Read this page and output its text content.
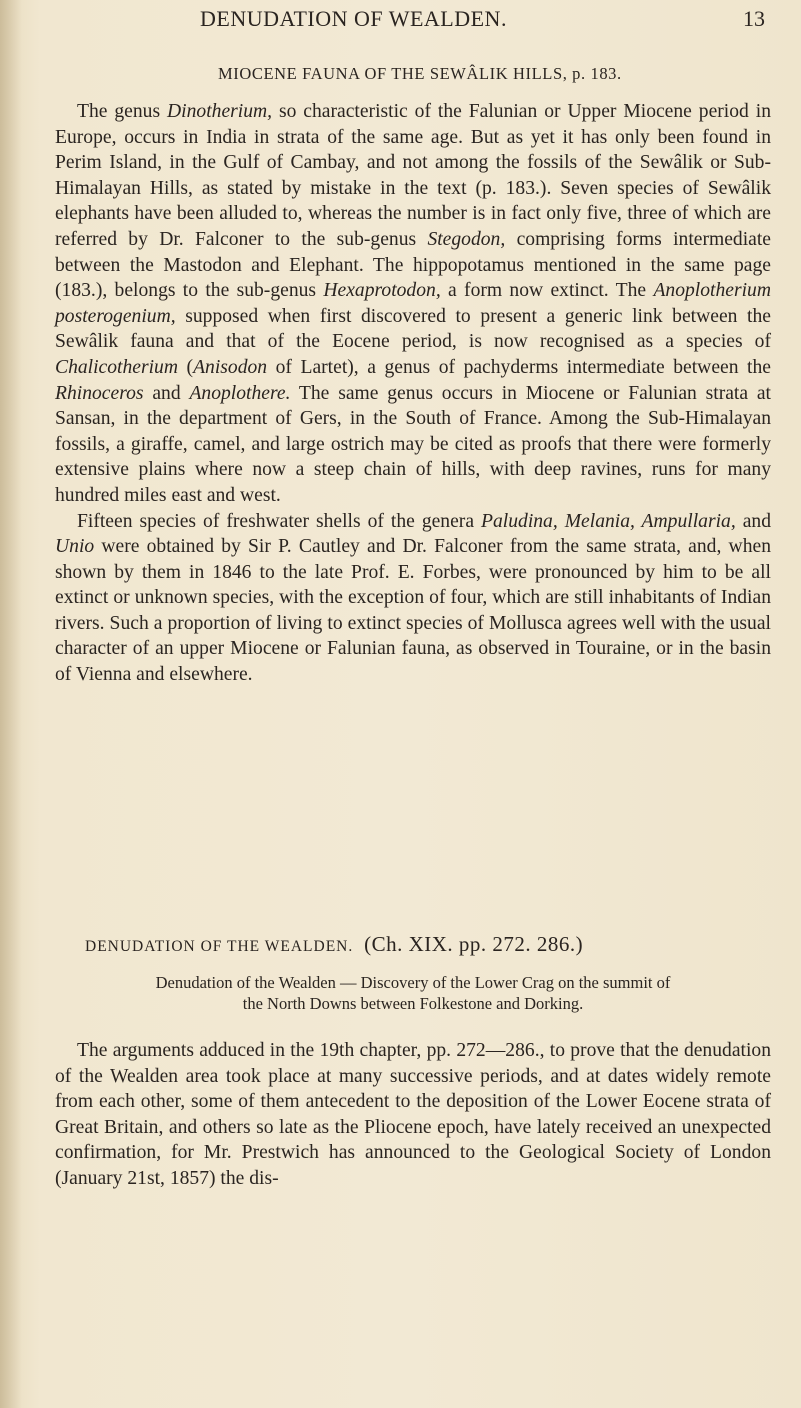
DENUDATION OF WEALDEN.	13
MIOCENE FAUNA OF THE SEWÂLIK HILLS, p. 183.

The genus Dinotherium, so characteristic of the Falunian or Upper Miocene period in Europe, occurs in India in strata of the same age. But as yet it has only been found in Perim Island, in the Gulf of Cambay, and not among the fossils of the Sewâlik or Sub-Himalayan Hills, as stated by mistake in the text (p. 183.). Seven species of Sewâlik elephants have been alluded to, whereas the number is in fact only five, three of which are referred by Dr. Falconer to the sub-genus Stegodon, comprising forms intermediate between the Mastodon and Elephant. The hippopotamus mentioned in the same page (183.), belongs to the sub-genus Hexaprotodon, a form now extinct. The Anoplotherium posterogenium, supposed when first discovered to present a generic link between the Sewâlik fauna and that of the Eocene period, is now recognised as a species of Chalicotherium (Anisodon of Lartet), a genus of pachyderms intermediate between the Rhinoceros and Anoplothere. The same genus occurs in Miocene or Falunian strata at Sansan, in the department of Gers, in the South of France. Among the Sub-Himalayan fossils, a giraffe, camel, and large ostrich may be cited as proofs that there were formerly extensive plains where now a steep chain of hills, with deep ravines, runs for many hundred miles east and west.

Fifteen species of freshwater shells of the genera Paludina, Melania, Ampullaria, and Unio were obtained by Sir P. Cautley and Dr. Falconer from the same strata, and, when shown by them in 1846 to the late Prof. E. Forbes, were pronounced by him to be all extinct or unknown species, with the exception of four, which are still inhabitants of Indian rivers. Such a proportion of living to extinct species of Mollusca agrees well with the usual character of an upper Miocene or Falunian fauna, as observed in Touraine, or in the basin of Vienna and elsewhere.

DENUDATION OF THE WEALDEN. (Ch. XIX. pp. 272. 286.)
Denudation of the Wealden — Discovery of the Lower Crag on the summit of
the North Downs between Folkestone and Dorking.

The arguments adduced in the 19th chapter, pp. 272—286., to prove that the denudation of the Wealden area took place at many successive periods, and at dates widely remote from each other, some of them antecedent to the deposition of the Lower Eocene strata of Great Britain, and others so late as the Pliocene epoch, have lately received an unexpected confirmation, for Mr. Prestwich has announced to the Geological Society of London (January 21st, 1857) the dis-
